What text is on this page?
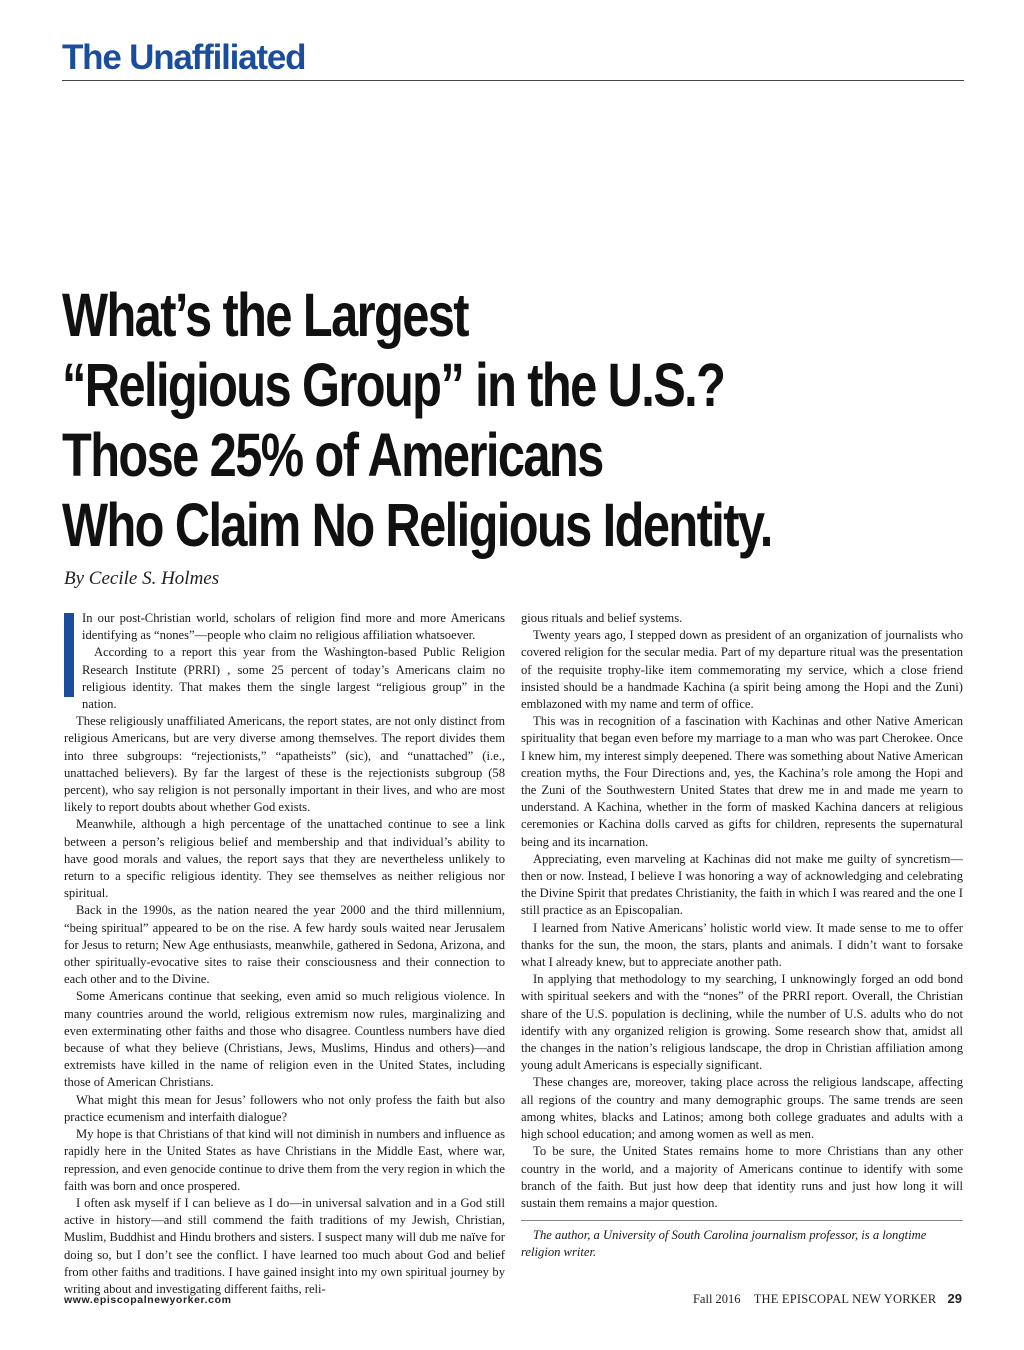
The Unaffiliated
What’s the Largest
“Religious Group” in the U.S.?
Those 25% of Americans
Who Claim No Religious Identity.
By Cecile S. Holmes

In our post-Christian world, scholars of religion find more and more Americans identifying as “nones”—people who claim no religious affiliation whatsoever.

According to a report this year from the Washington-based Public Religion Research Institute (PRRI) , some 25 percent of today’s Americans claim no religious identity. That makes them the single largest “religious group” in the nation.

These religiously unaffiliated Americans, the report states, are not only distinct from religious Americans, but are very diverse among themselves. The report divides them into three subgroups: “rejectionists,” “apatheists” (sic), and “unattached” (i.e., unattached believers). By far the largest of these is the rejectionists subgroup (58 percent), who say religion is not personally important in their lives, and who are most likely to report doubts about whether God exists.

Meanwhile, although a high percentage of the unattached continue to see a link between a person’s religious belief and membership and that individual’s ability to have good morals and values, the report says that they are nevertheless unlikely to return to a specific religious identity. They see themselves as neither religious nor spiritual.

Back in the 1990s, as the nation neared the year 2000 and the third millennium, “being spiritual” appeared to be on the rise. A few hardy souls waited near Jerusalem for Jesus to return; New Age enthusiasts, meanwhile, gathered in Sedona, Arizona, and other spiritually-evocative sites to raise their consciousness and their connection to each other and to the Divine.

Some Americans continue that seeking, even amid so much religious violence. In many countries around the world, religious extremism now rules, marginalizing and even exterminating other faiths and those who disagree. Countless numbers have died because of what they believe (Christians, Jews, Muslims, Hindus and others)—and extremists have killed in the name of religion even in the United States, including those of American Christians.

What might this mean for Jesus’ followers who not only profess the faith but also practice ecumenism and interfaith dialogue?

My hope is that Christians of that kind will not diminish in numbers and influence as rapidly here in the United States as have Christians in the Middle East, where war, repression, and even genocide continue to drive them from the very region in which the faith was born and once prospered.

I often ask myself if I can believe as I do—in universal salvation and in a God still active in history—and still commend the faith traditions of my Jewish, Christian, Muslim, Buddhist and Hindu brothers and sisters. I suspect many will dub me naïve for doing so, but I don’t see the conflict. I have learned too much about God and belief from other faiths and traditions. I have gained insight into my own spiritual journey by writing about and investigating different faiths, reli-

gious rituals and belief systems.

Twenty years ago, I stepped down as president of an organization of journalists who covered religion for the secular media. Part of my departure ritual was the presentation of the requisite trophy-like item commemorating my service, which a close friend insisted should be a handmade Kachina (a spirit being among the Hopi and the Zuni) emblazoned with my name and term of office.

This was in recognition of a fascination with Kachinas and other Native American spirituality that began even before my marriage to a man who was part Cherokee. Once I knew him, my interest simply deepened. There was something about Native American creation myths, the Four Directions and, yes, the Kachina’s role among the Hopi and the Zuni of the Southwestern United States that drew me in and made me yearn to understand. A Kachina, whether in the form of masked Kachina dancers at religious ceremonies or Kachina dolls carved as gifts for children, represents the supernatural being and its incarnation.

Appreciating, even marveling at Kachinas did not make me guilty of syncretism—then or now. Instead, I believe I was honoring a way of acknowledging and celebrating the Divine Spirit that predates Christianity, the faith in which I was reared and the one I still practice as an Episcopalian.

I learned from Native Americans’ holistic world view. It made sense to me to offer thanks for the sun, the moon, the stars, plants and animals. I didn’t want to forsake what I already knew, but to appreciate another path.

In applying that methodology to my searching, I unknowingly forged an odd bond with spiritual seekers and with the “nones” of the PRRI report. Overall, the Christian share of the U.S. population is declining, while the number of U.S. adults who do not identify with any organized religion is growing. Some research show that, amidst all the changes in the nation’s religious landscape, the drop in Christian affiliation among young adult Americans is especially significant.

These changes are, moreover, taking place across the religious landscape, affecting all regions of the country and many demographic groups. The same trends are seen among whites, blacks and Latinos; among both college graduates and adults with a high school education; and among women as well as men.

To be sure, the United States remains home to more Christians than any other country in the world, and a majority of Americans continue to identify with some branch of the faith. But just how deep that identity runs and just how long it will sustain them remains a major question.

The author, a University of South Carolina journalism professor, is a longtime religion writer.

www.episcopalnewyorker.com	Fall 2016 THE EPISCOPAL NEW YORKER 29
